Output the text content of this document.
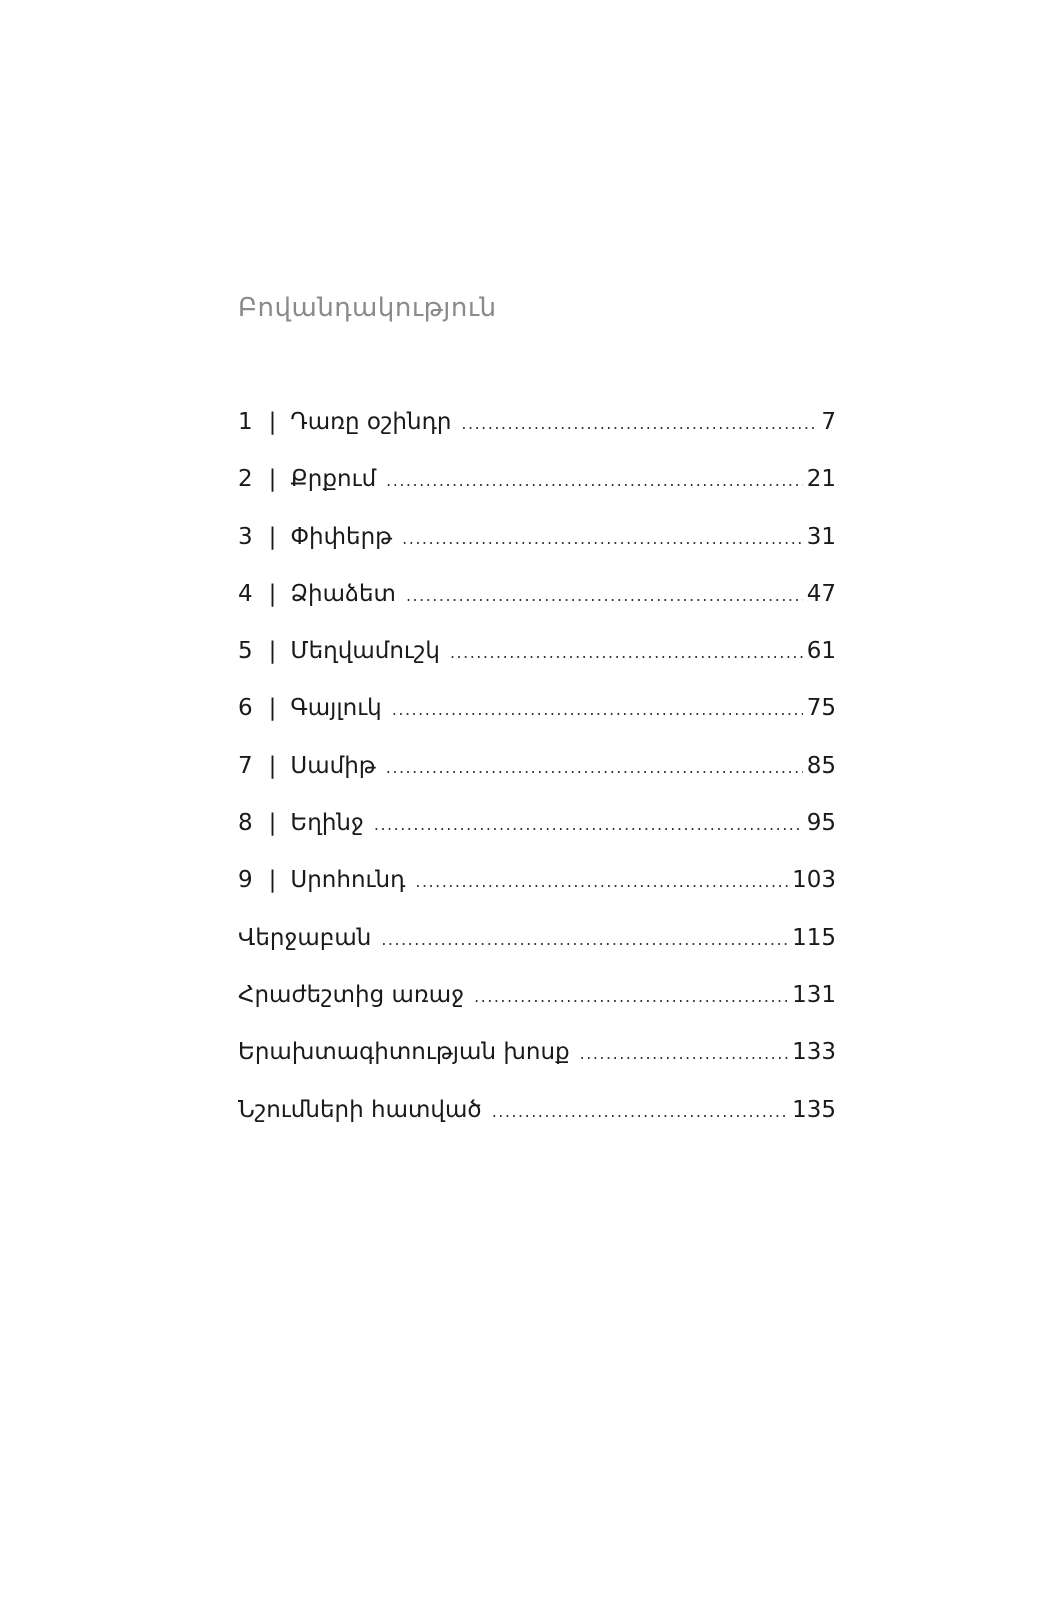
Բովանդակություն
1 | Դառը օշինդր .....	7
2 | Քրքում .....	21
3 | Փիփերթ .....	31
4 | Ձիաձետ .....	47
5 | Մեղվամուշկ .....	61
6 | Գայլուկ .....	75
7 | Սամիթ .....	85
8 | Եղինջ .....	95
9 | Սրոհունդ .....	103
Վերջաբան .....	115
Հրաժեշտից առաջ .....	131
Երախտագիտության խոսք .....	133
Նշումների հատված .....	135
